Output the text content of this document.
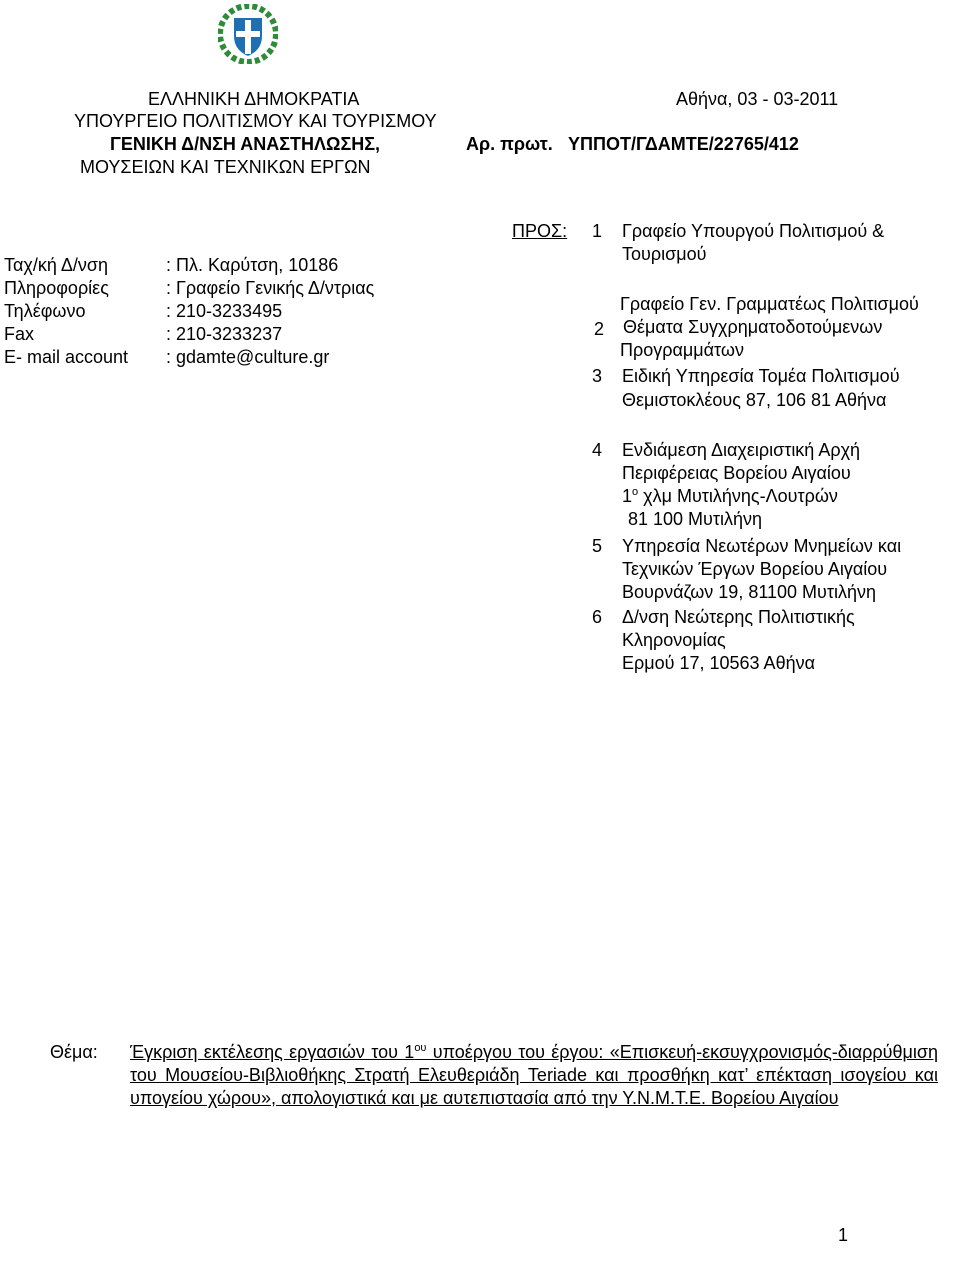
ΕΛΛΗΝΙΚΗ ΔΗΜΟΚΡΑΤΙΑ
ΥΠΟΥΡΓΕΙΟ ΠΟΛΙΤΙΣΜΟΥ ΚΑΙ ΤΟΥΡΙΣΜΟΥ
ΓΕΝΙΚΗ Δ/ΝΣΗ ΑΝΑΣΤΗΛΩΣΗΣ,
ΜΟΥΣΕΙΩΝ ΚΑΙ ΤΕΧΝΙΚΩΝ ΕΡΓΩΝ
Αθήνα, 03 - 03-2011
Αρ. πρωτ. ΥΠΠΟΤ/ΓΔΑΜΤΕ/22765/412
Ταχ/κή Δ/νση	: Πλ. Καρύτση, 10186
Πληροφορίες	: Γραφείο Γενικής Δ/ντριας
Τηλέφωνο	: 210-3233495
Fax	: 210-3233237
E- mail account : gdamte@culture.gr
ΠΡΟΣ: 1 Γραφείο Υπουργού Πολιτισμού &
Τουρισμού
Γραφείο Γεν. Γραμματέως Πολιτισμού
2 Θέματα Συγχρηματοδοτούμενων
Προγραμμάτων
3 Ειδική Υπηρεσία Τομέα Πολιτισμού
Θεμιστοκλέους 87, 106 81 Αθήνα
4 Ενδιάμεση Διαχειριστική Αρχή
Περιφέρειας Βορείου Αιγαίου
$1^o$ χλμ Μυτιλήνης-Λουτρών
81 100 Μυτιλήνη
5 Υπηρεσία Νεωτέρων Μνημείων και
Τεχνικών Έργων Βορείου Αιγαίου
Βουρνάζων 19, 81100 Μυτιλήνη
6 Δ/νση Νεώτερης Πολιτιστικής
Κληρονομίας
Ερμού 17, 10563 Αθήνα
Θέμα: Έγκριση εκτέλεσης εργασιών του $1^{o\upsilon}$ υποέργου του έργου: «Επισκευή-εκσυγχρονισμός-διαρρύθμιση του Μουσείου-Βιβλιοθήκης Στρατή Ελευθεριάδη Teriade και προσθήκη κατ’ επέκταση ισογείου και υπογείου χώρου», απολογιστικά και με αυτεπιστασία από την Υ.Ν.Μ.Τ.Ε. Βορείου Αιγαίου
1
